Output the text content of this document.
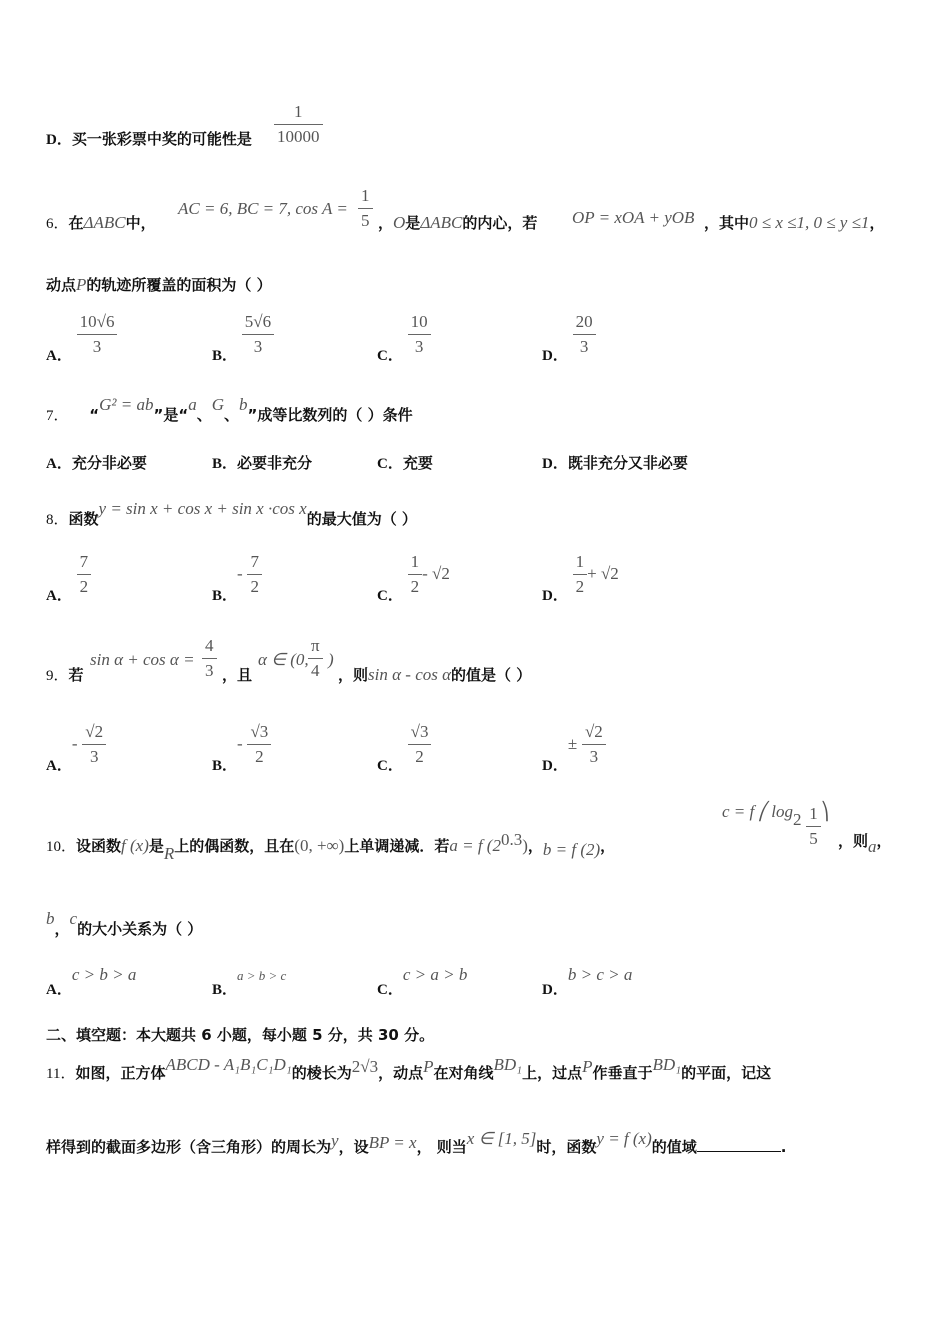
D．买一张彩票中奖的可能性是 $\frac{1}{10000}$
6．在ΔABC中，
AC = 6, BC = 7, $\cos A = \frac{1}{5}$ ，O是ΔABC的内心，若 OP = xOA + yOB ，其中0 ≤ x ≤1, 0 ≤ y ≤1，
动点P的轨迹所覆盖的面积为（ ）
A． $\frac{10√6}{3}$	B． $\frac{5√6}{3}$	C． $\frac{10}{3}$	D． $\frac{20}{3}$
7． “G² = ab”是“a、G、b”成等比数列的（ ）条件
A．充分非必要	B．必要非充分	C．充要	D．既非充分又非必要
8．函数y = sin x + cos x + sin x ·cos x的最大值为（ ）
A． $\frac{7}{2}$	B．- $\frac{7}{2}$	C． $\frac{1}{2} - √2$
D． $\frac{1}{2} + √2$
9．若
$\sin \alpha + \cos \alpha = \frac{4}{3}$ ，且
α ∈ (0, $\frac{\pi}{4}$ )
，则sin α - cos α的值是（ ）
A．- $\frac{√2}{3}$	B．- $\frac{√3}{2}$	C． $\frac{√3}{2}$	D．± $\frac{√2}{3}$
10．设函数f (x)是R上的偶函数，且在(0, +∞)上单调递减．若a = f $(2^{0.3})$，b = f (2)，
c = f ⎛ $\log_2 \frac{1}{5}$ ⎞
，则a，
b，c的大小关系为（ ）
A．c > b > a
B．a > b > c
C．c > a > b
D．b > c > a
二、填空题：本大题共 6 小题，每小题 5 分，共 30 分。
11．如图，正方体ABCD - A₁B₁C₁D₁的棱长为2√3，动点P在对角线BD₁上，过点P作垂直于BD₁的平面，记这
样得到的截面多边形（含三角形）的周长为y，设BP = x， 则当x ∈ [1, 5]时，函数y = f (x)的值域	.
